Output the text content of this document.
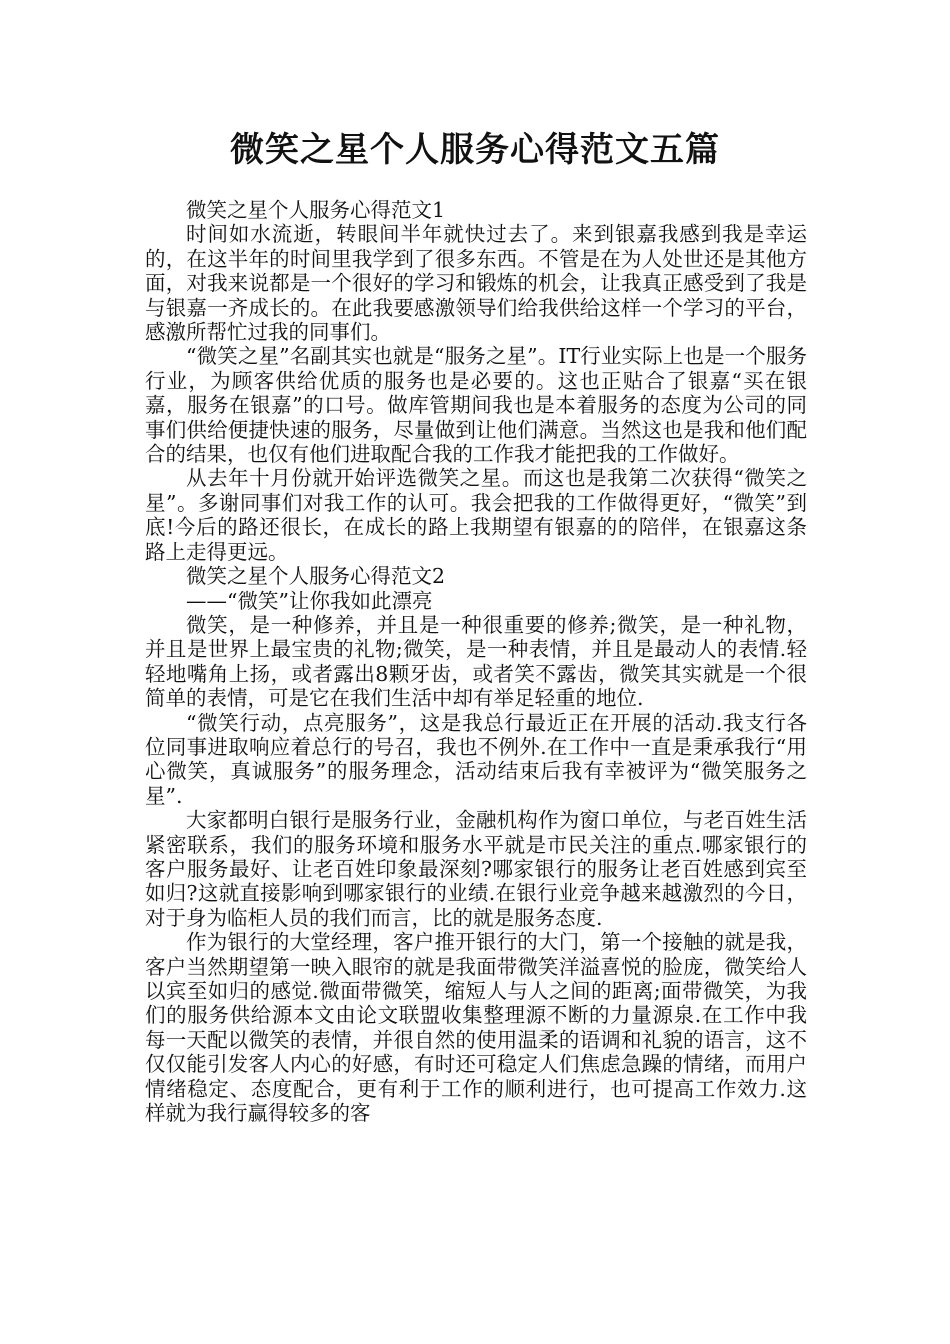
微笑之星个人服务心得范文五篇

微笑之星个人服务心得范文1

时间如水流逝，转眼间半年就快过去了。来到银嘉我感到我是幸运的，在这半年的时间里我学到了很多东西。不管是在为人处世还是其他方面，对我来说都是一个很好的学习和锻炼的机会，让我真正感受到了我是与银嘉一齐成长的。在此我要感激领导们给我供给这样一个学习的平台，感激所帮忙过我的同事们。

“微笑之星”名副其实也就是“服务之星”。IT行业实际上也是一个服务行业，为顾客供给优质的服务也是必要的。这也正贴合了银嘉“买在银嘉，服务在银嘉”的口号。做库管期间我也是本着服务的态度为公司的同事们供给便捷快速的服务，尽量做到让他们满意。当然这也是我和他们配合的结果，也仅有他们进取配合我的工作我才能把我的工作做好。

从去年十月份就开始评选微笑之星。而这也是我第二次获得“微笑之星”。多谢同事们对我工作的认可。我会把我的工作做得更好，“微笑”到底!今后的路还很长，在成长的路上我期望有银嘉的的陪伴，在银嘉这条路上走得更远。

微笑之星个人服务心得范文2

——“微笑”让你我如此漂亮

微笑，是一种修养，并且是一种很重要的修养;微笑，是一种礼物，并且是世界上最宝贵的礼物;微笑，是一种表情，并且是最动人的表情.轻轻地嘴角上扬，或者露出8颗牙齿，或者笑不露齿，微笑其实就是一个很简单的表情，可是它在我们生活中却有举足轻重的地位.

“微笑行动，点亮服务”，这是我总行最近正在开展的活动.我支行各位同事进取响应着总行的号召，我也不例外.在工作中一直是秉承我行“用心微笑，真诚服务”的服务理念，活动结束后我有幸被评为“微笑服务之星”.

大家都明白银行是服务行业，金融机构作为窗口单位，与老百姓生活紧密联系，我们的服务环境和服务水平就是市民关注的重点.哪家银行的客户服务最好、让老百姓印象最深刻?哪家银行的服务让老百姓感到宾至如归?这就直接影响到哪家银行的业绩.在银行业竞争越来越激烈的今日，对于身为临柜人员的我们而言，比的就是服务态度.

作为银行的大堂经理，客户推开银行的大门，第一个接触的就是我，客户当然期望第一映入眼帘的就是我面带微笑洋溢喜悦的脸庞，微笑给人以宾至如归的感觉.微面带微笑，缩短人与人之间的距离;面带微笑，为我们的服务供给源本文由论文联盟收集整理源不断的力量源泉.在工作中我每一天配以微笑的表情，并很自然的使用温柔的语调和礼貌的语言，这不仅仅能引发客人内心的好感，有时还可稳定人们焦虑急躁的情绪，而用户情绪稳定、态度配合，更有利于工作的顺利进行，也可提高工作效力.这样就为我行赢得较多的客
